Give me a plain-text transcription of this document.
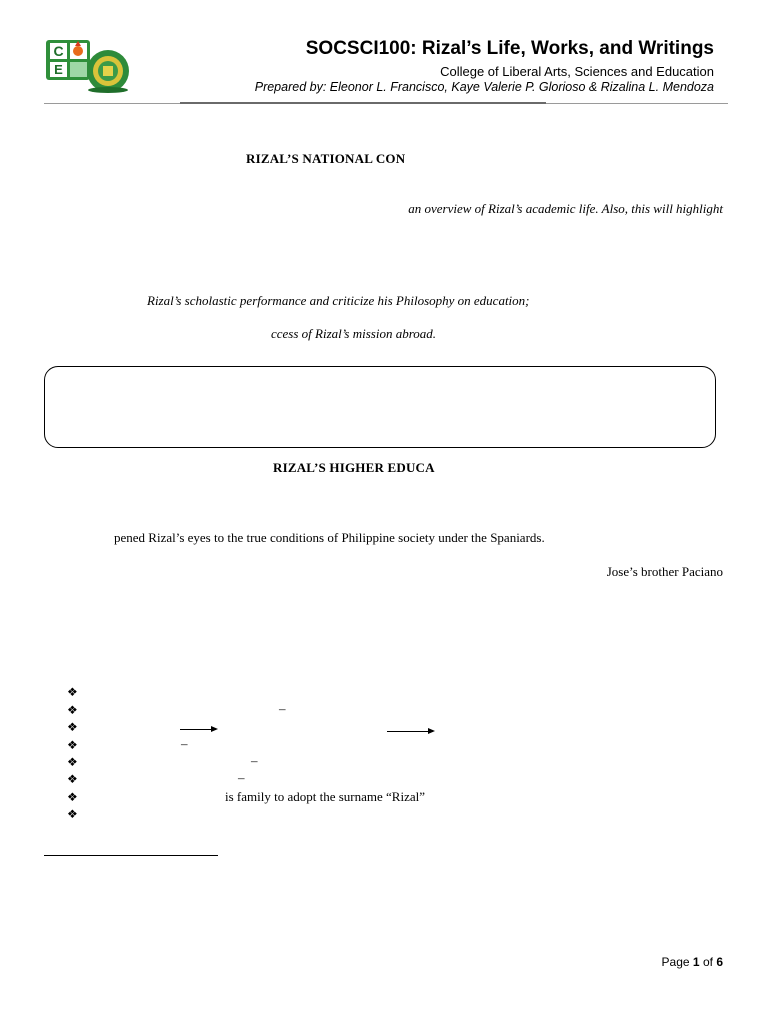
C
E
SOCSCI100: Rizal’s Life, Works, and Writings
College of Liberal Arts, Sciences and Education
Prepared by: Eleonor L. Francisco, Kaye Valerie P. Glorioso & Rizalina L. Mendoza
RIZAL’S NATIONAL CON
an overview of Rizal’s academic life. Also, this will highlight
Rizal’s scholastic performance and criticize his Philosophy on education;
ccess of Rizal’s mission abroad.
RIZAL’S HIGHER EDUCA
pened Rizal’s eyes to the true conditions of Philippine society under the Spaniards.
Jose’s brother Paciano
❖
❖	–
❖
❖	–
❖	–
❖	–
❖	is family to adopt the surname “Rizal”
❖
Page 1 of 6
